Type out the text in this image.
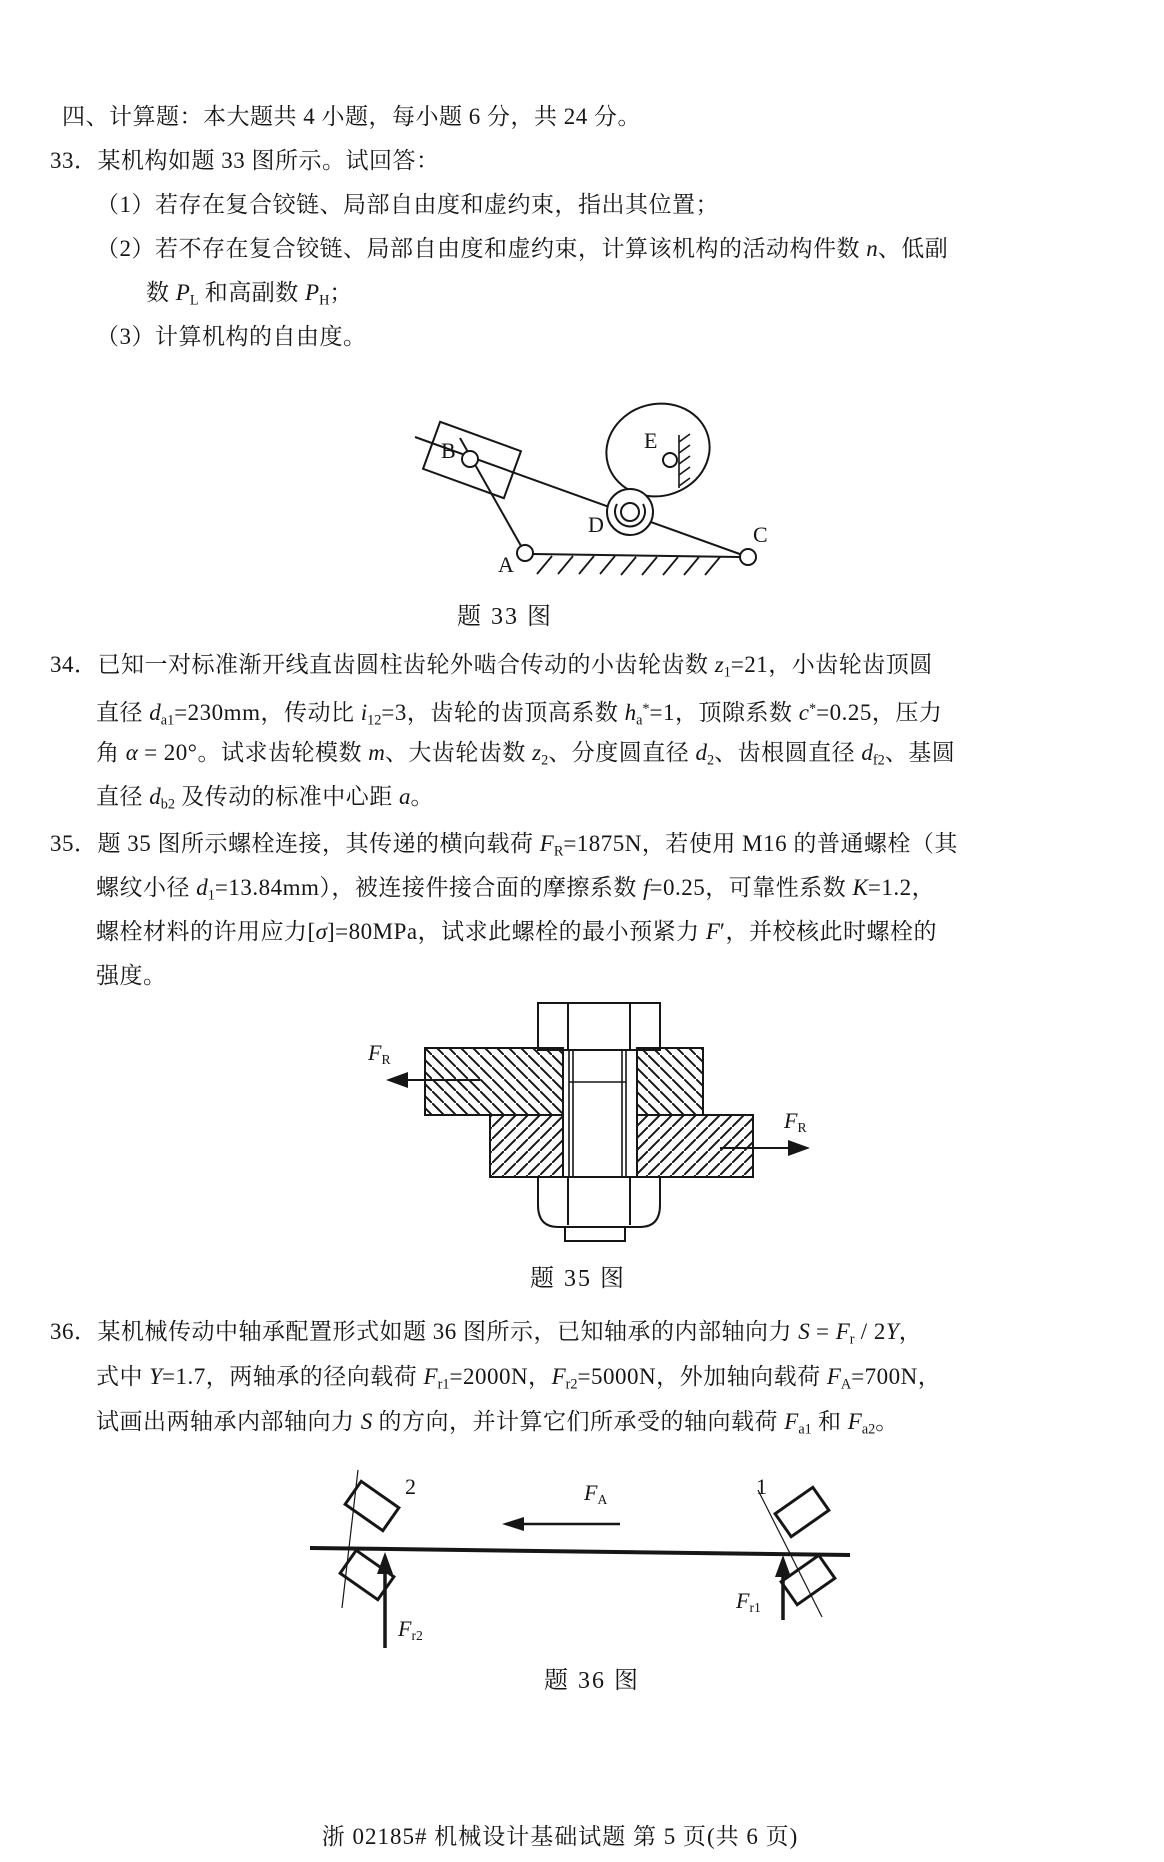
四、计算题：本大题共 4 小题，每小题 6 分，共 24 分。
33．某机构如题 33 图所示。试回答：
（1）若存在复合铰链、局部自由度和虚约束，指出其位置；
（2）若不存在复合铰链、局部自由度和虚约束，计算该机构的活动构件数 n、低副
数 $P_L$ 和高副数 $P_H$；
（3）计算机构的自由度。
B
A
C
D
E
题 33 图
34．已知一对标准渐开线直齿圆柱齿轮外啮合传动的小齿轮齿数 $z_1=21$，小齿轮齿顶圆
直径 $d_{a1}=230mm$，传动比 $i_{12}=3$，齿轮的齿顶高系数 $h_a^*=1$，顶隙系数 c*=0.25，压力
角 α = 20°。试求齿轮模数 m、大齿轮齿数 $z_2$、分度圆直径 $d_2$、齿根圆直径 $d_{f2}$、基圆
直径 $d_{b2}$ 及传动的标准中心距 a。
35．题 35 图所示螺栓连接，其传递的横向载荷 $F_R=1875N$，若使用 M16 的普通螺栓（其
螺纹小径 $d_1=13.84mm$），被连接件接合面的摩擦系数 f=0.25，可靠性系数 K=1.2，
螺栓材料的许用应力[σ]=80MPa，试求此螺栓的最小预紧力 F′，并校核此时螺栓的
强度。
$F_R$
$F_R$
题 35 图
36．某机械传动中轴承配置形式如题 36 图所示，已知轴承的内部轴向力 $S = F_r / 2Y$，
式中 Y=1.7，两轴承的径向载荷 $F_{r1}=2000N$，$F_{r2}=5000N$，外加轴向载荷 $F_A=700N$，
试画出两轴承内部轴向力 S 的方向，并计算它们所承受的轴向载荷 $F_{a1}$ 和 $F_{a2}$。
2	1
$F_A$
$F_{r2}$
$F_{r1}$
题 36 图
浙 02185# 机械设计基础试题 第 5 页(共 6 页)
